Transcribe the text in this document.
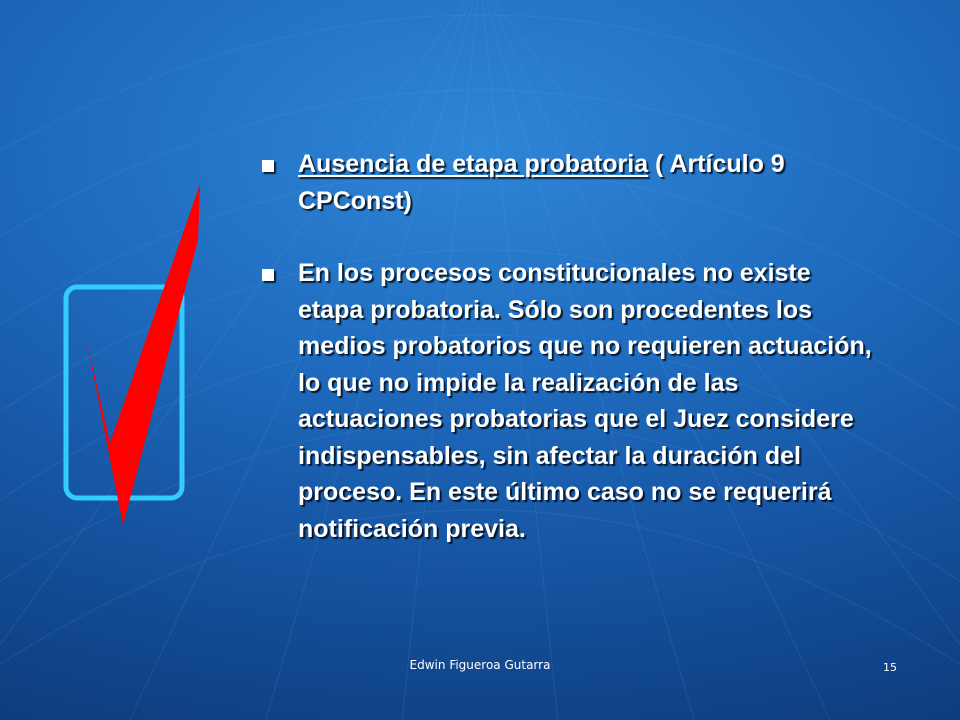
Ausencia de etapa probatoria ( Artículo 9 CPConst)
En los procesos constitucionales no existe etapa probatoria. Sólo son procedentes los medios probatorios que no requieren actuación, lo que no impide la realización de las actuaciones probatorias que el Juez considere indispensables, sin afectar la duración del proceso. En este último caso no se requerirá notificación previa.
Edwin Figueroa Gutarra	15
